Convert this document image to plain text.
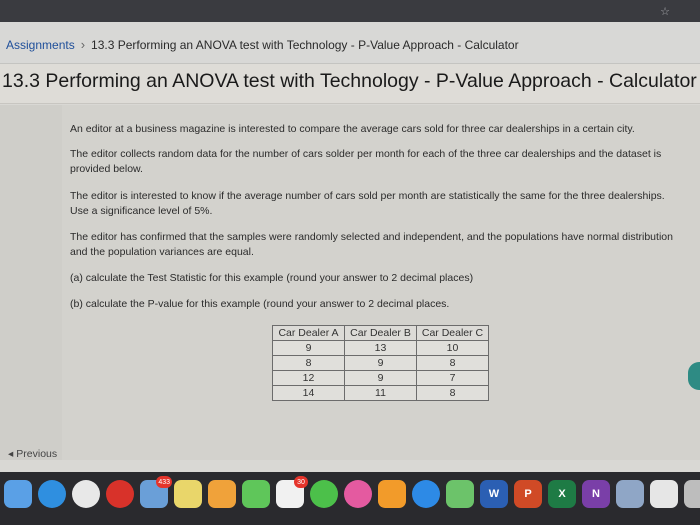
☆
Assignments › 13.3 Performing an ANOVA test with Technology - P-Value Approach - Calculator
13.3 Performing an ANOVA test with Technology - P-Value Approach - Calculator
An editor at a business magazine is interested to compare the average cars sold for three car dealerships in a certain city.
The editor collects random data for the number of cars solder per month for each of the three car dealerships and the dataset is provided below.
The editor is interested to know if the average number of cars sold per month are statistically the same for the three dealerships. Use a significance level of 5%.
The editor has confirmed that the samples were randomly selected and independent, and the populations have normal distribution and the population variances are equal.
(a) calculate the Test Statistic for this example (round your answer to 2 decimal places)
(b) calculate the P-value for this example (round your answer to 2 decimal places.
Car Dealer A	Car Dealer B	Car Dealer C
9	13	10
8	9	8
12	9	7
14	11	8
◂ Previous
433	30
W	P	X	N
